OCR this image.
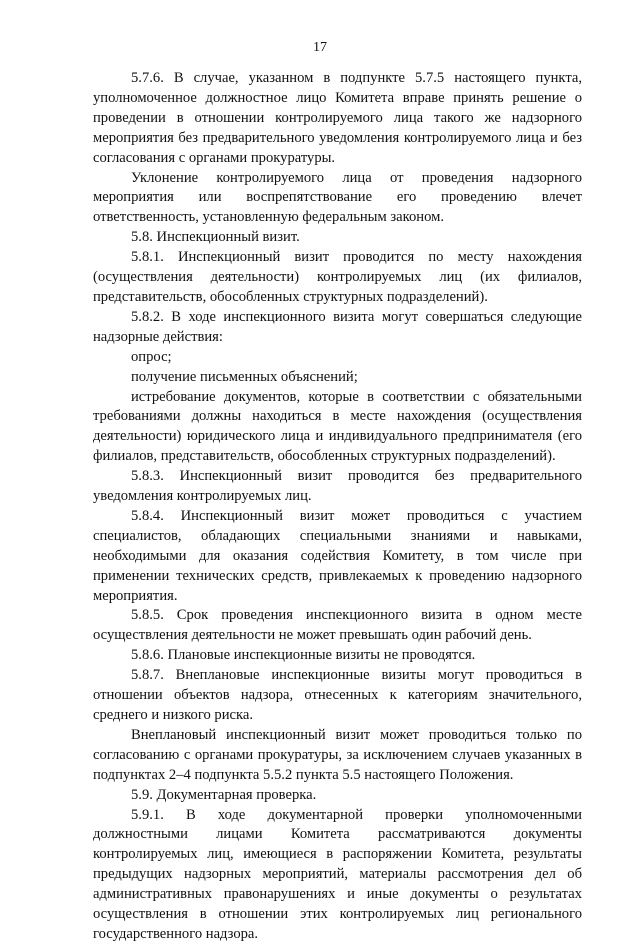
17

5.7.6. В случае, указанном в подпункте 5.7.5 настоящего пункта, уполномоченное должностное лицо Комитета вправе принять решение о проведении в отношении контролируемого лица такого же надзорного мероприятия без предварительного уведомления контролируемого лица и без согласования с органами прокуратуры.

Уклонение контролируемого лица от проведения надзорного мероприятия или воспрепятствование его проведению влечет ответственность, установленную федеральным законом.

5.8. Инспекционный визит.

5.8.1. Инспекционный визит проводится по месту нахождения (осуществления деятельности) контролируемых лиц (их филиалов, представительств, обособленных структурных подразделений).

5.8.2. В ходе инспекционного визита могут совершаться следующие надзорные действия:

опрос;

получение письменных объяснений;

истребование документов, которые в соответствии с обязательными требованиями должны находиться в месте нахождения (осуществления деятельности) юридического лица и индивидуального предпринимателя (его филиалов, представительств, обособленных структурных подразделений).

5.8.3. Инспекционный визит проводится без предварительного уведомления контролируемых лиц.

5.8.4. Инспекционный визит может проводиться с участием специалистов, обладающих специальными знаниями и навыками, необходимыми для оказания содействия Комитету, в том числе при применении технических средств, привлекаемых к проведению надзорного мероприятия.

5.8.5. Срок проведения инспекционного визита в одном месте осуществления деятельности не может превышать один рабочий день.

5.8.6. Плановые инспекционные визиты не проводятся.

5.8.7. Внеплановые инспекционные визиты могут проводиться в отношении объектов надзора, отнесенных к категориям значительного, среднего и низкого риска.

Внеплановый инспекционный визит может проводиться только по согласованию с органами прокуратуры, за исключением случаев указанных в подпунктах 2–4 подпункта 5.5.2 пункта 5.5 настоящего Положения.

5.9. Документарная проверка.

5.9.1. В ходе документарной проверки уполномоченными должностными лицами Комитета рассматриваются документы контролируемых лиц, имеющиеся в распоряжении Комитета, результаты предыдущих надзорных мероприятий, материалы рассмотрения дел об административных правонарушениях и иные документы о результатах осуществления в отношении этих контролируемых лиц регионального государственного надзора.
